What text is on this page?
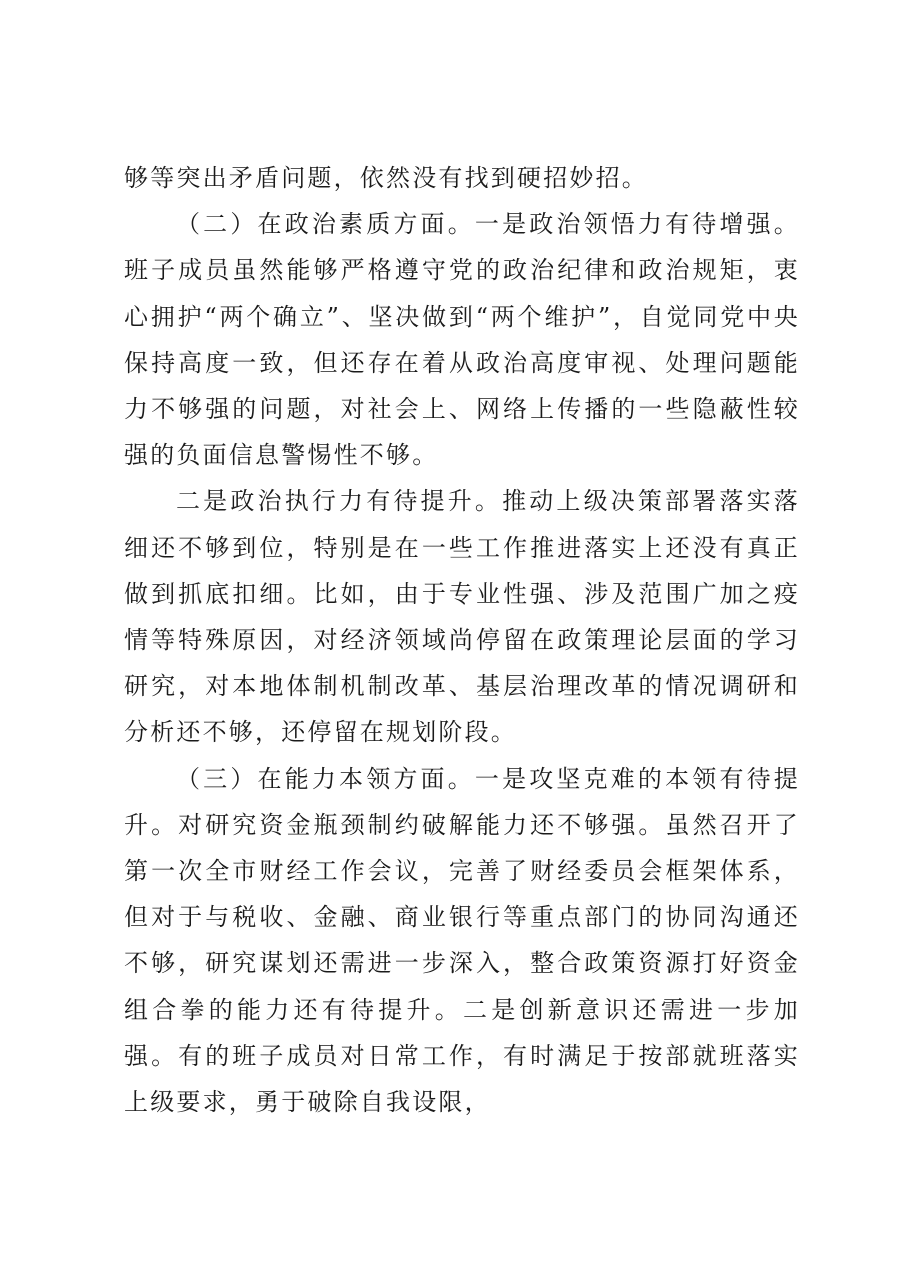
够等突出矛盾问题，依然没有找到硬招妙招。

（二）在政治素质方面。一是政治领悟力有待增强。班子成员虽然能够严格遵守党的政治纪律和政治规矩，衷心拥护“两个确立”、坚决做到“两个维护”，自觉同党中央保持高度一致，但还存在着从政治高度审视、处理问题能力不够强的问题，对社会上、网络上传播的一些隐蔽性较强的负面信息警惕性不够。

二是政治执行力有待提升。推动上级决策部署落实落细还不够到位，特别是在一些工作推进落实上还没有真正做到抓底扣细。比如，由于专业性强、涉及范围广加之疫情等特殊原因，对经济领域尚停留在政策理论层面的学习研究，对本地体制机制改革、基层治理改革的情况调研和分析还不够，还停留在规划阶段。

（三）在能力本领方面。一是攻坚克难的本领有待提升。对研究资金瓶颈制约破解能力还不够强。虽然召开了第一次全市财经工作会议，完善了财经委员会框架体系，但对于与税收、金融、商业银行等重点部门的协同沟通还不够，研究谋划还需进一步深入，整合政策资源打好资金组合拳的能力还有待提升。二是创新意识还需进一步加强。有的班子成员对日常工作，有时满足于按部就班落实上级要求，勇于破除自我设限，
